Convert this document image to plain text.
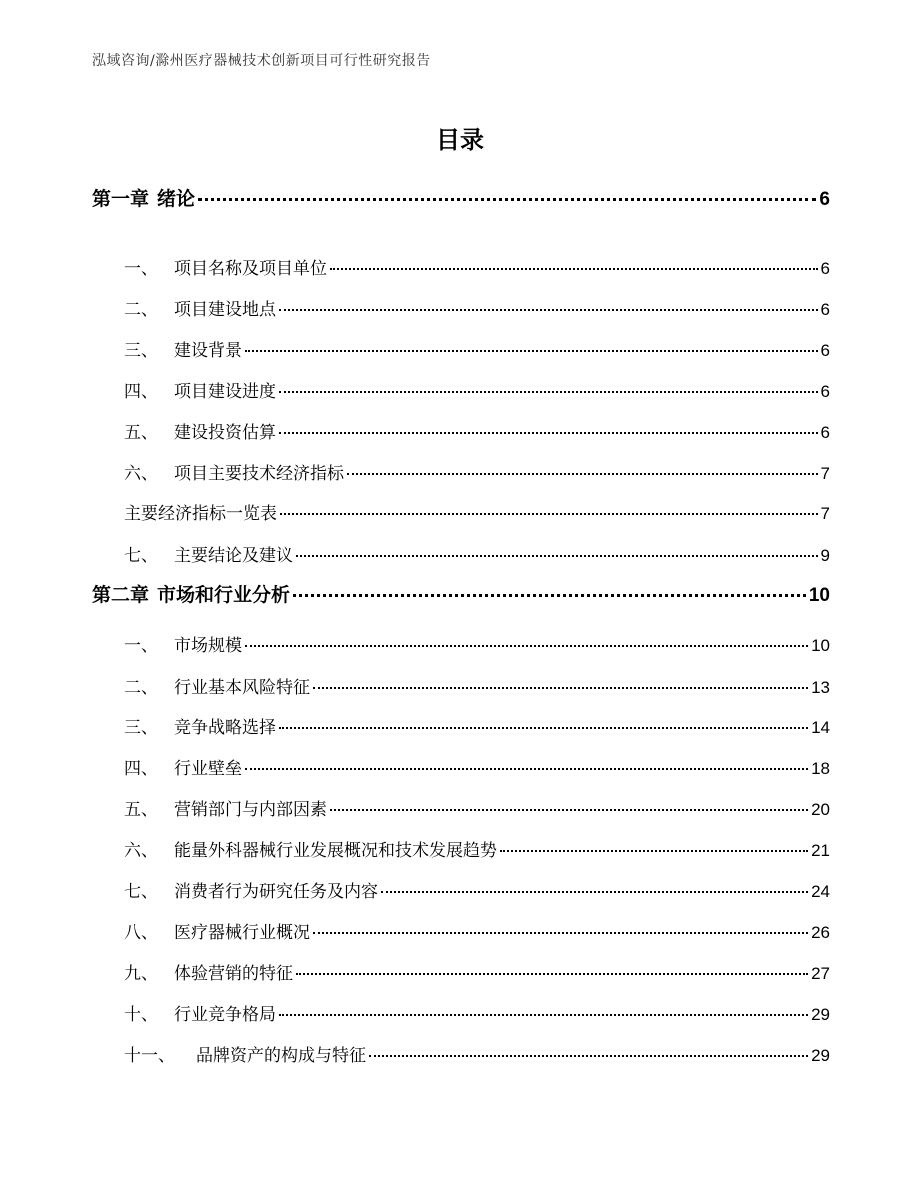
泓域咨询/滁州医疗器械技术创新项目可行性研究报告
目录
第一章 绪论	6
一、 项目名称及项目单位	6
二、 项目建设地点	6
三、 建设背景	6
四、 项目建设进度	6
五、 建设投资估算	6
六、 项目主要技术经济指标	7
主要经济指标一览表	7
七、 主要结论及建议	9
第二章 市场和行业分析	10
一、 市场规模	10
二、 行业基本风险特征	13
三、 竞争战略选择	14
四、 行业壁垒	18
五、 营销部门与内部因素	20
六、 能量外科器械行业发展概况和技术发展趋势	21
七、 消费者行为研究任务及内容	24
八、 医疗器械行业概况	26
九、 体验营销的特征	27
十、 行业竞争格局	29
十一、 品牌资产的构成与特征	29
